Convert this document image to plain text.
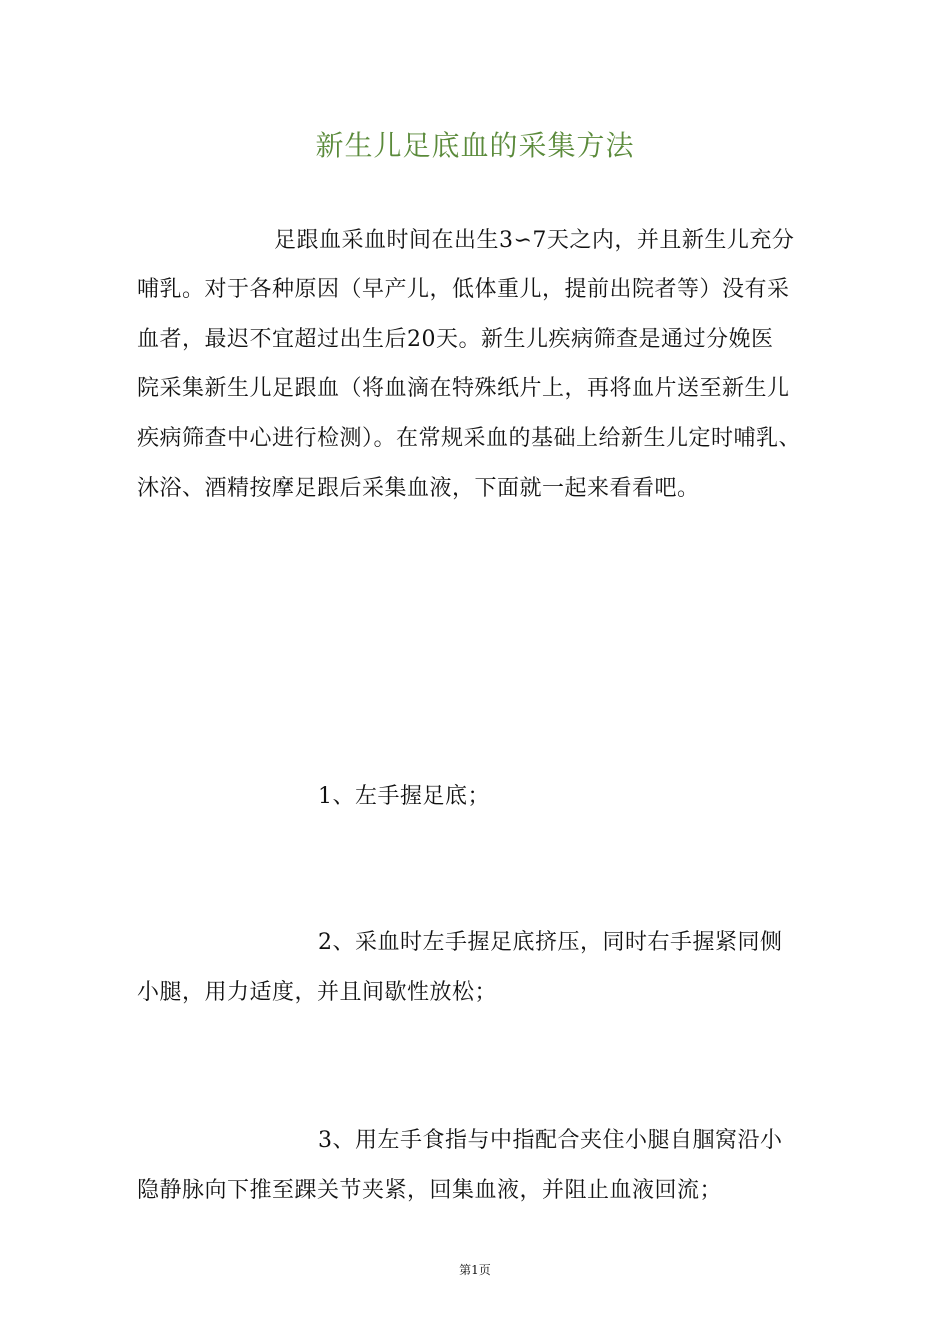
新生儿足底血的采集方法
足跟血采血时间在出生3∽7天之内，并且新生儿充分
哺乳。对于各种原因（早产儿，低体重儿，提前出院者等）没有采
血者，最迟不宜超过出生后20天。新生儿疾病筛查是通过分娩医
院采集新生儿足跟血（将血滴在特殊纸片上，再将血片送至新生儿
疾病筛查中心进行检测）。在常规采血的基础上给新生儿定时哺乳、
沐浴、酒精按摩足跟后采集血液，下面就一起来看看吧。
1、左手握足底；
2、采血时左手握足底挤压，同时右手握紧同侧
小腿，用力适度，并且间歇性放松；
3、用左手食指与中指配合夹住小腿自腘窝沿小
隐静脉向下推至踝关节夹紧，回集血液，并阻止血液回流；
第1页
